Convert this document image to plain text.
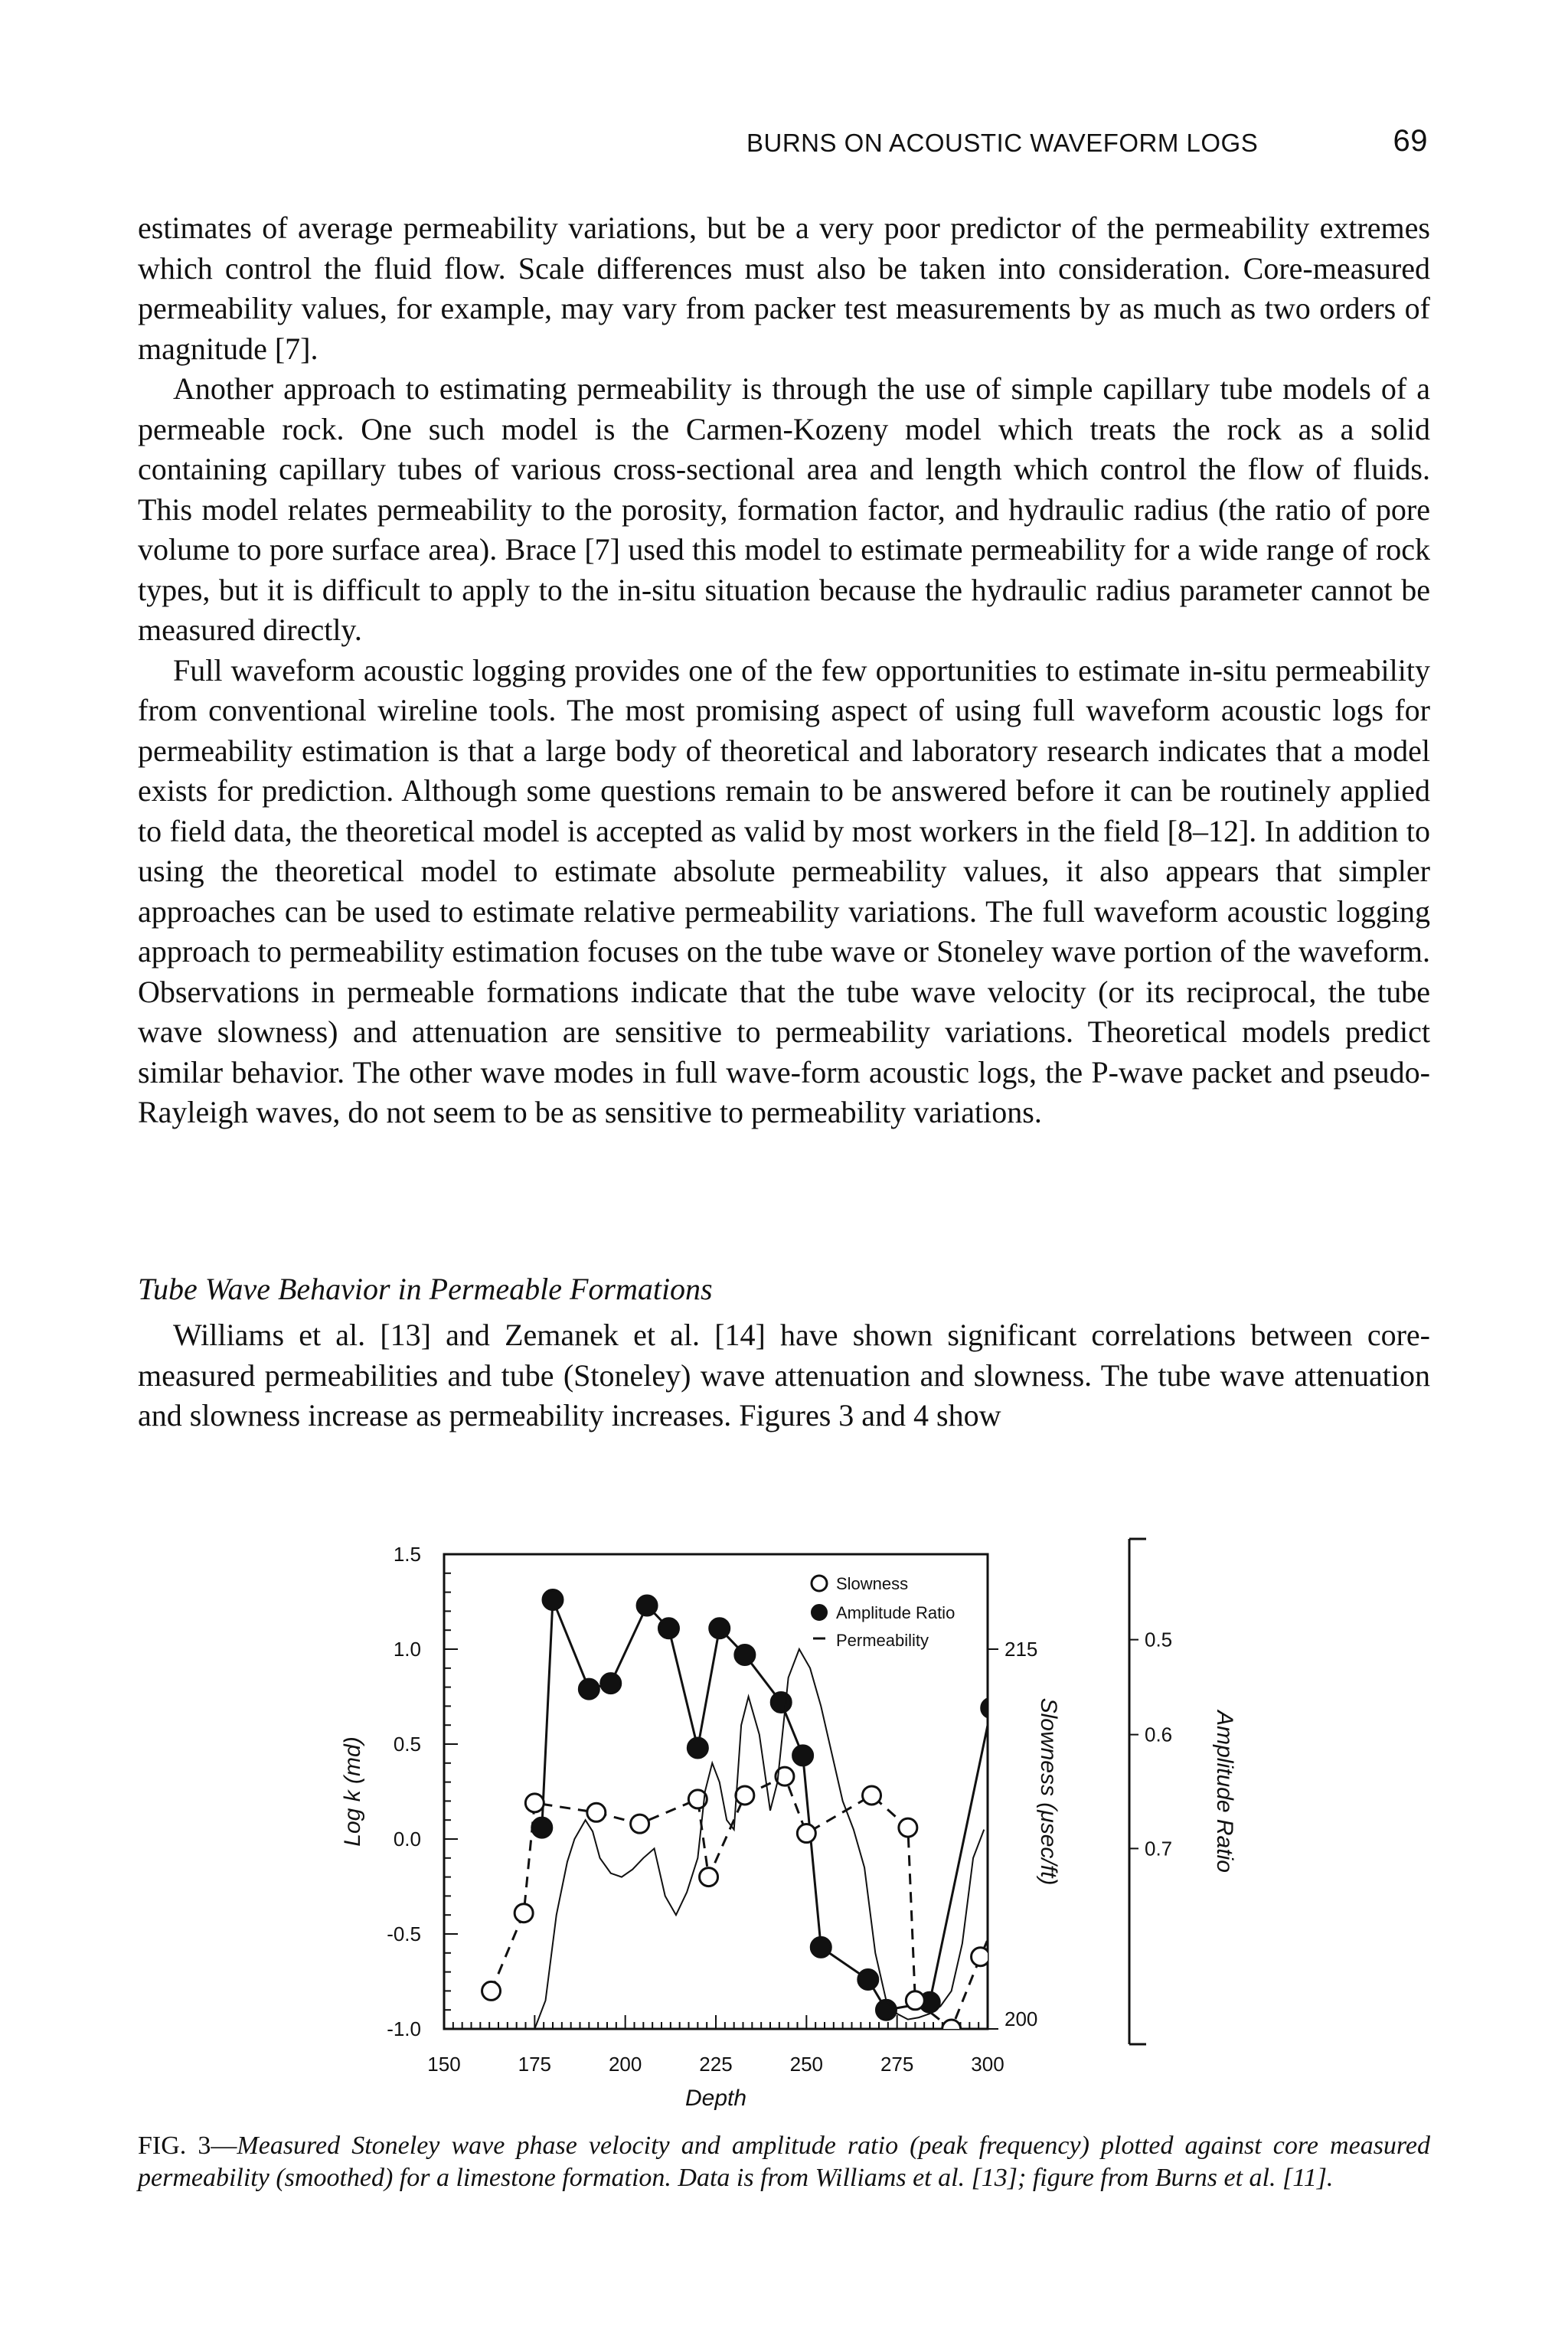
BURNS ON ACOUSTIC WAVEFORM LOGS	69

estimates of average permeability variations, but be a very poor predictor of the permeability extremes which control the fluid flow. Scale differences must also be taken into consideration. Core-measured permeability values, for example, may vary from packer test measurements by as much as two orders of magnitude [7].

Another approach to estimating permeability is through the use of simple capillary tube models of a permeable rock. One such model is the Carmen-Kozeny model which treats the rock as a solid containing capillary tubes of various cross-sectional area and length which control the flow of fluids. This model relates permeability to the porosity, formation factor, and hydraulic radius (the ratio of pore volume to pore surface area). Brace [7] used this model to estimate permeability for a wide range of rock types, but it is difficult to apply to the in-situ situation because the hydraulic radius parameter cannot be measured directly.

Full waveform acoustic logging provides one of the few opportunities to estimate in-situ permeability from conventional wireline tools. The most promising aspect of using full waveform acoustic logs for permeability estimation is that a large body of theoretical and laboratory research indicates that a model exists for prediction. Although some questions remain to be answered before it can be routinely applied to field data, the theoretical model is accepted as valid by most workers in the field [8–12]. In addition to using the theoretical model to estimate absolute permeability values, it also appears that simpler approaches can be used to estimate relative permeability variations. The full waveform acoustic logging approach to permeability estimation focuses on the tube wave or Stoneley wave portion of the waveform. Observations in permeable formations indicate that the tube wave velocity (or its reciprocal, the tube wave slowness) and attenuation are sensitive to permeability variations. Theoretical models predict similar behavior. The other wave modes in full wave-form acoustic logs, the P-wave packet and pseudo-Rayleigh waves, do not seem to be as sensitive to permeability variations.

Tube Wave Behavior in Permeable Formations

Williams et al. [13] and Zemanek et al. [14] have shown significant correlations between core-measured permeabilities and tube (Stoneley) wave attenuation and slowness. The tube wave attenuation and slowness increase as permeability increases. Figures 3 and 4 show

1.5
1.0
0.5
0.0
-0.5
-1.0
150	175	200	225	250	275	300
Depth
Log k (md)
215
200
Slowness (μsec/ft)
0.5
0.6
0.7 Amplitude Ratio
Slowness
Amplitude Ratio
Permeability
FIG. 3—Measured Stoneley wave phase velocity and amplitude ratio (peak frequency) plotted against core measured permeability (smoothed) for a limestone formation. Data is from Williams et al. [13]; figure from Burns et al. [11].
